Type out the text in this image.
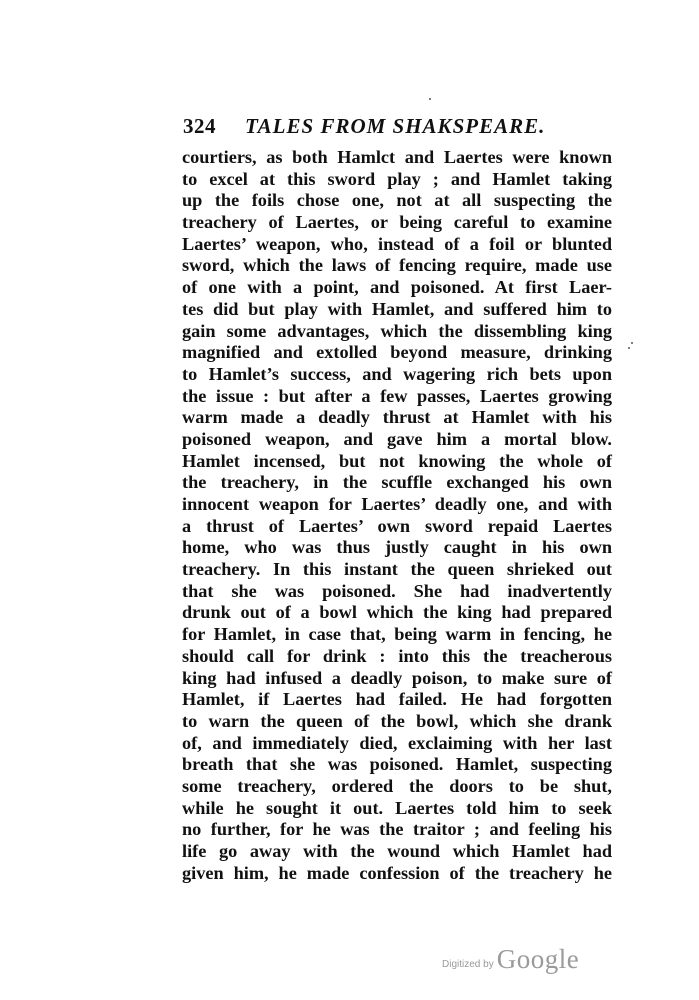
324 TALES FROM SHAKSPEARE.
courtiers, as both Hamlct and Laertes were known
to excel at this sword play ; and Hamlet taking
up the foils chose one, not at all suspecting the
treachery of Laertes, or being careful to examine
Laertes’ weapon, who, instead of a foil or blunted
sword, which the laws of fencing require, made use
of one with a point, and poisoned. At first Laer-
tes did but play with Hamlet, and suffered him to
gain some advantages, which the dissembling king
magnified and extolled beyond measure, drinking
to Hamlet’s success, and wagering rich bets upon
the issue : but after a few passes, Laertes growing
warm made a deadly thrust at Hamlet with his
poisoned weapon, and gave him a mortal blow.
Hamlet incensed, but not knowing the whole of
the treachery, in the scuffle exchanged his own
innocent weapon for Laertes’ deadly one, and with
a thrust of Laertes’ own sword repaid Laertes
home, who was thus justly caught in his own
treachery. In this instant the queen shrieked out
that she was poisoned. She had inadvertently
drunk out of a bowl which the king had prepared
for Hamlet, in case that, being warm in fencing, he
should call for drink : into this the treacherous
king had infused a deadly poison, to make sure of
Hamlet, if Laertes had failed. He had forgotten
to warn the queen of the bowl, which she drank
of, and immediately died, exclaiming with her last
breath that she was poisoned. Hamlet, suspecting
some treachery, ordered the doors to be shut,
while he sought it out. Laertes told him to seek
no further, for he was the traitor ; and feeling his
life go away with the wound which Hamlet had
given him, he made confession of the treachery he
Digitized by Google
